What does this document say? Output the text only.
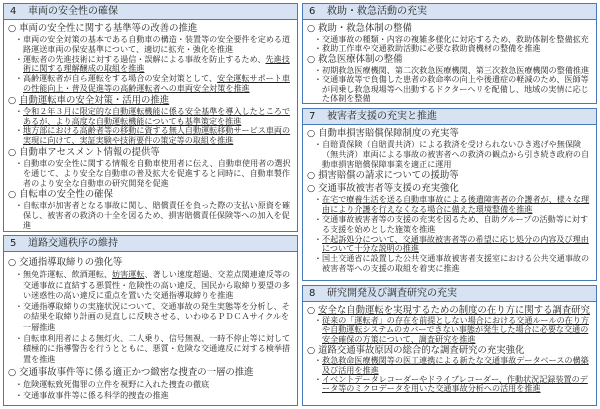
4 車両の安全性の確保
○ 車両の安全性に関する基準等の改善の推進
・車両の安全対策の基本である自動車の構造・装置等の安全要件を定める道路運送車両の保安基準について、適切に拡充・強化を推進
・運転者の先進技術に対する過信・誤解による事故を防止するため、先進技術に関する理解醸成の取組を推進
・高齢運転者が自ら運転をする場合の安全対策として、安全運転サポート車の性能向上・普及促進等の高齢運転者への車両安全対策を推進
○ 自動運転車の安全対策・活用の推進
・令和２年３月に限定的な自動運転機能に係る安全基準を導入したところであるが、より高度な自動運転機能についても基準策定を推進
・地方部における高齢者等の移動に資する無人自動運転移動サービス車両の実現に向けて、実証実験や技術要件の策定等の取組を推進
○ 自動車アセスメント情報の提供等
・自動車の安全性に関する情報を自動車使用者に伝え、自動車使用者の選択を通じて、より安全な自動車の普及拡大を促進すると同時に、自動車製作者のより安全な自動車の研究開発を促進
○ 自転車の安全性の確保
・自転車が加害者となる事故に関し、賠償責任を負った際の支払い原資を確保し、被害者の救済の十全を図るため、損害賠償責任保険等への加入を促進
5 道路交通秩序の維持
○ 交通指導取締りの強化等
・無免許運転、飲酒運転、妨害運転、著しい速度超過、交差点関連違反等の交通事故に直結する悪質性・危険性の高い違反、国民から取締り要望の多い迷惑性の高い違反に重点を置いた交通指導取締りを推進
・交通指導取締りの実施状況について、交通事故の発生実態等を分析し、その結果を取締り計画の見直しに反映させる、いわゆるＰＤＣＡサイクルを一層推進
・自転車利用者による無灯火、二人乗り、信号無視、一時不停止等に対して積極的に指導警告を行うとともに、悪質・危険な交通違反に対する検挙措置を推進
○ 交通事故事件等に係る適正かつ緻密な捜査の一層の推進
・危険運転致死傷罪の立件を視野に入れた捜査の徹底
・交通事故事件等に係る科学的捜査の推進
6 救助・救急活動の充実
○ 救助・救急体制の整備
・交通事故の種類・内容の複雑多様化に対応するため、救助体制を整備拡充
・救助工作車や交通救助活動に必要な救助資機材の整備を推進
○ 救急医療体制の整備
・初期救急医療機関、第二次救急医療機関、第三次救急医療機関の整備推進
・交通事故等で負傷した患者の救命率の向上や後遺症の軽減のため、医師等が同乗し救急現場等へ出動するドクターヘリを配備し、地域の実情に応じた体制を整備
7 被害者支援の充実と推進
○ 自動車損害賠償保障制度の充実等
・自賠責保険（自賠責共済）による救済を受けられないひき逃げや無保険（無共済）車両による事故の被害者への救済の観点から引き続き政府の自動車損害賠償保障事業を適正に運用
○ 損害賠償の請求についての援助等
○ 交通事故被害者等支援の充実強化
・在宅で療養生活を送る自動車事故による後遺障害者の介護者が、様々な理由により介護を行えなくなる場合に備えた環境整備を推進
・交通事故被害者等の支援の充実を図るため、自助グループの活動等に対する支援を始めとした施策を推進
・不起訴処分について、交通事故被害者等の希望に応じ処分の内容及び理由について十分な説明の推進
・国土交通省に設置した公共交通事故被害者支援室における公共交通事故の被害者等への支援の取組を着実に推進
8 研究開発及び調査研究の充実
○ 安全な自動運転を実現するための制度の在り方に関する調査研究
・従来の「運転者」の存在を前提としない場合における交通ルールの在り方や自動運転システムのカバーできない事態が発生した場合に必要な交通の安全確保の方策について、調査研究を推進
○ 道路交通事故原因の総合的な調査研究の充実強化
・救急救命医療機関等の医工連携による新たな交通事故データベースの構築及び活用を推進
・イベントデータレコーダーやドライブレコーダー、作動状況記録装置のデータ等のミクロデータを用いた交通事故分析への活用を推進
